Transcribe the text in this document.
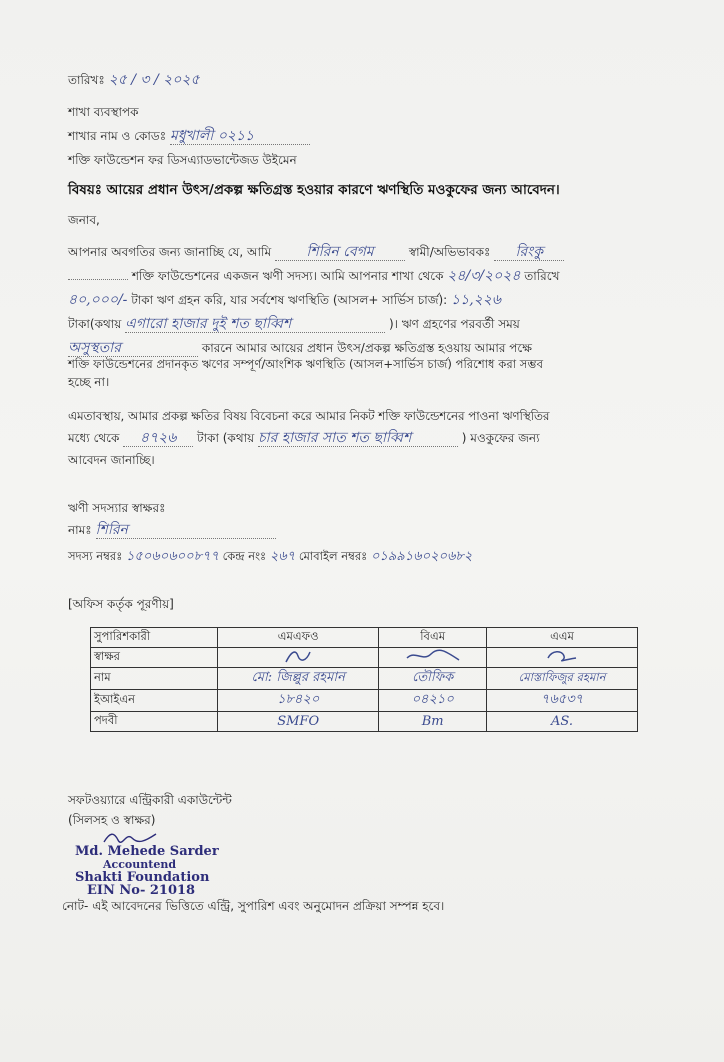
তারিখঃ ২৫ / ৩ / ২০২৫
শাখা ব্যবস্থাপক
শাখার নাম ও কোডঃ মধুখালী ০২১১
শক্তি ফাউন্ডেশন ফর ডিসএ্যাডভান্টেজড উইমেন
বিষয়ঃ আয়ের প্রধান উৎস/প্রকল্প ক্ষতিগ্রস্ত হওয়ার কারণে ঋণস্থিতি মওকুফের জন্য আবেদন।
জনাব,
আপনার অবগতির জন্য জানাচ্ছি যে, আমি	শিরিন বেগম	স্বামী/অভিভাবকঃ রিংকু
শক্তি ফাউন্ডেশনের একজন ঋণী সদস্য। আমি আপনার শাখা থেকে ২৪/৩/২০২৪ তারিখে
৪০,০০০/- টাকা ঋণ গ্রহন করি, যার সর্বশেষ ঋণস্থিতি (আসল+ সার্ভিস চার্জ): ১১,২২৬
টাকা(কথায় এগারো হাজার দুই শত ছাব্বিশ	)। ঋণ গ্রহণের পরবর্তী সময়
অসুস্থতার	কারনে আমার আয়ের প্রধান উৎস/প্রকল্প ক্ষতিগ্রস্ত হওয়ায় আমার পক্ষে
শক্তি ফাউন্ডেশনের প্রদানকৃত ঋণের সম্পূর্ণ/আংশিক ঋণস্থিতি (আসল+সার্ভিস চার্জ) পরিশোধ করা সম্ভব
হচ্ছে না।
এমতাবস্থায়, আমার প্রকল্প ক্ষতির বিষয় বিবেচনা করে আমার নিকট শক্তি ফাউন্ডেশনের পাওনা ঋণস্থিতির
মধ্যে থেকে ৪৭২৬ টাকা (কথায় চার হাজার সাত শত ছাব্বিশ	) মওকুফের জন্য
আবেদন জানাচ্ছি।
ঋণী সদস্যার স্বাক্ষরঃ
নামঃ শিরিন
সদস্য নম্বরঃ ১৫০৬০৬০০৮৭৭ কেন্দ্র নংঃ ২৬৭ মোবাইল নম্বরঃ ০১৯৯১৬০২০৬৮২
[অফিস কর্তৃক পূরণীয়]
সুপারিশকারী	এমএফও	বিএম	এএম
স্বাক্ষর			
নাম	মো: জিল্লুর রহমান	তৌফিক	মোস্তাফিজুর রহমান
ইআইএন	১৮৪২০	০৪২১০	৭৬৫৩৭
পদবী	SMFO	Bm	AS.
সফটওয়্যারে এন্ট্রিকারী একাউন্টেন্ট
(সিলসহ ও স্বাক্ষর)
Md. Mehede Sarder
Accountend
Shakti Foundation
EIN No- 21018
নোট- এই আবেদনের ভিত্তিতে এন্ট্রি, সুপারিশ এবং অনুমোদন প্রক্রিয়া সম্পন্ন হবে।
